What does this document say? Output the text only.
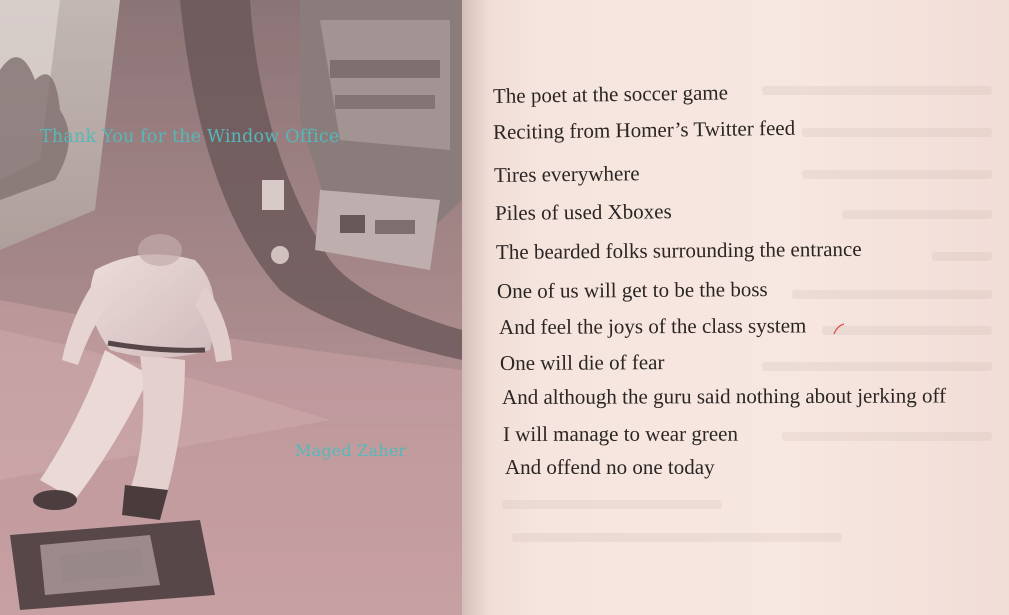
Thank You for the Window Office
Maged Zaher
The poet at the soccer game
Reciting from Homer’s Twitter feed
Tires everywhere
Piles of used Xboxes
The bearded folks surrounding the entrance
One of us will get to be the boss
And feel the joys of the class system
One will die of fear
And although the guru said nothing about jerking off
I will manage to wear green
And offend no one today
